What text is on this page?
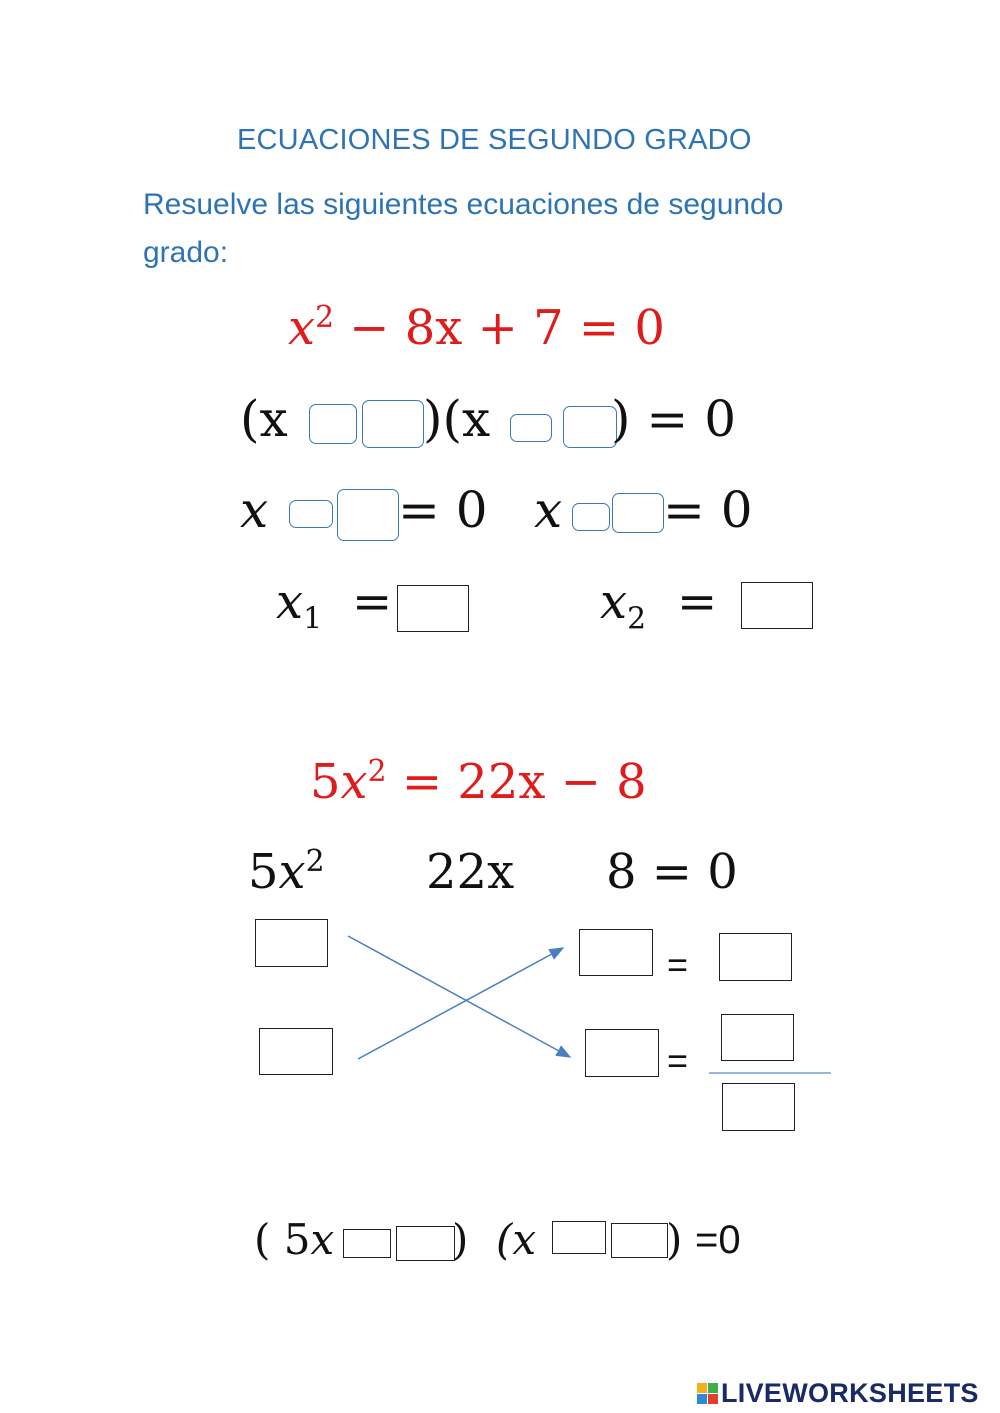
ECUACIONES DE SEGUNDO GRADO
Resuelve las siguientes ecuaciones de segundo
grado:
$x^2 - 8x + 7 = 0$
(x	)(x ) = 0
x	= 0 x = 0
$x_1$ =	$x_2$ =
$5x^2 = 22x - 8$
$5x^2$ 22x 8 = 0
=
=
( 5x	) (x	) =0
LIVEWORKSHEETS
